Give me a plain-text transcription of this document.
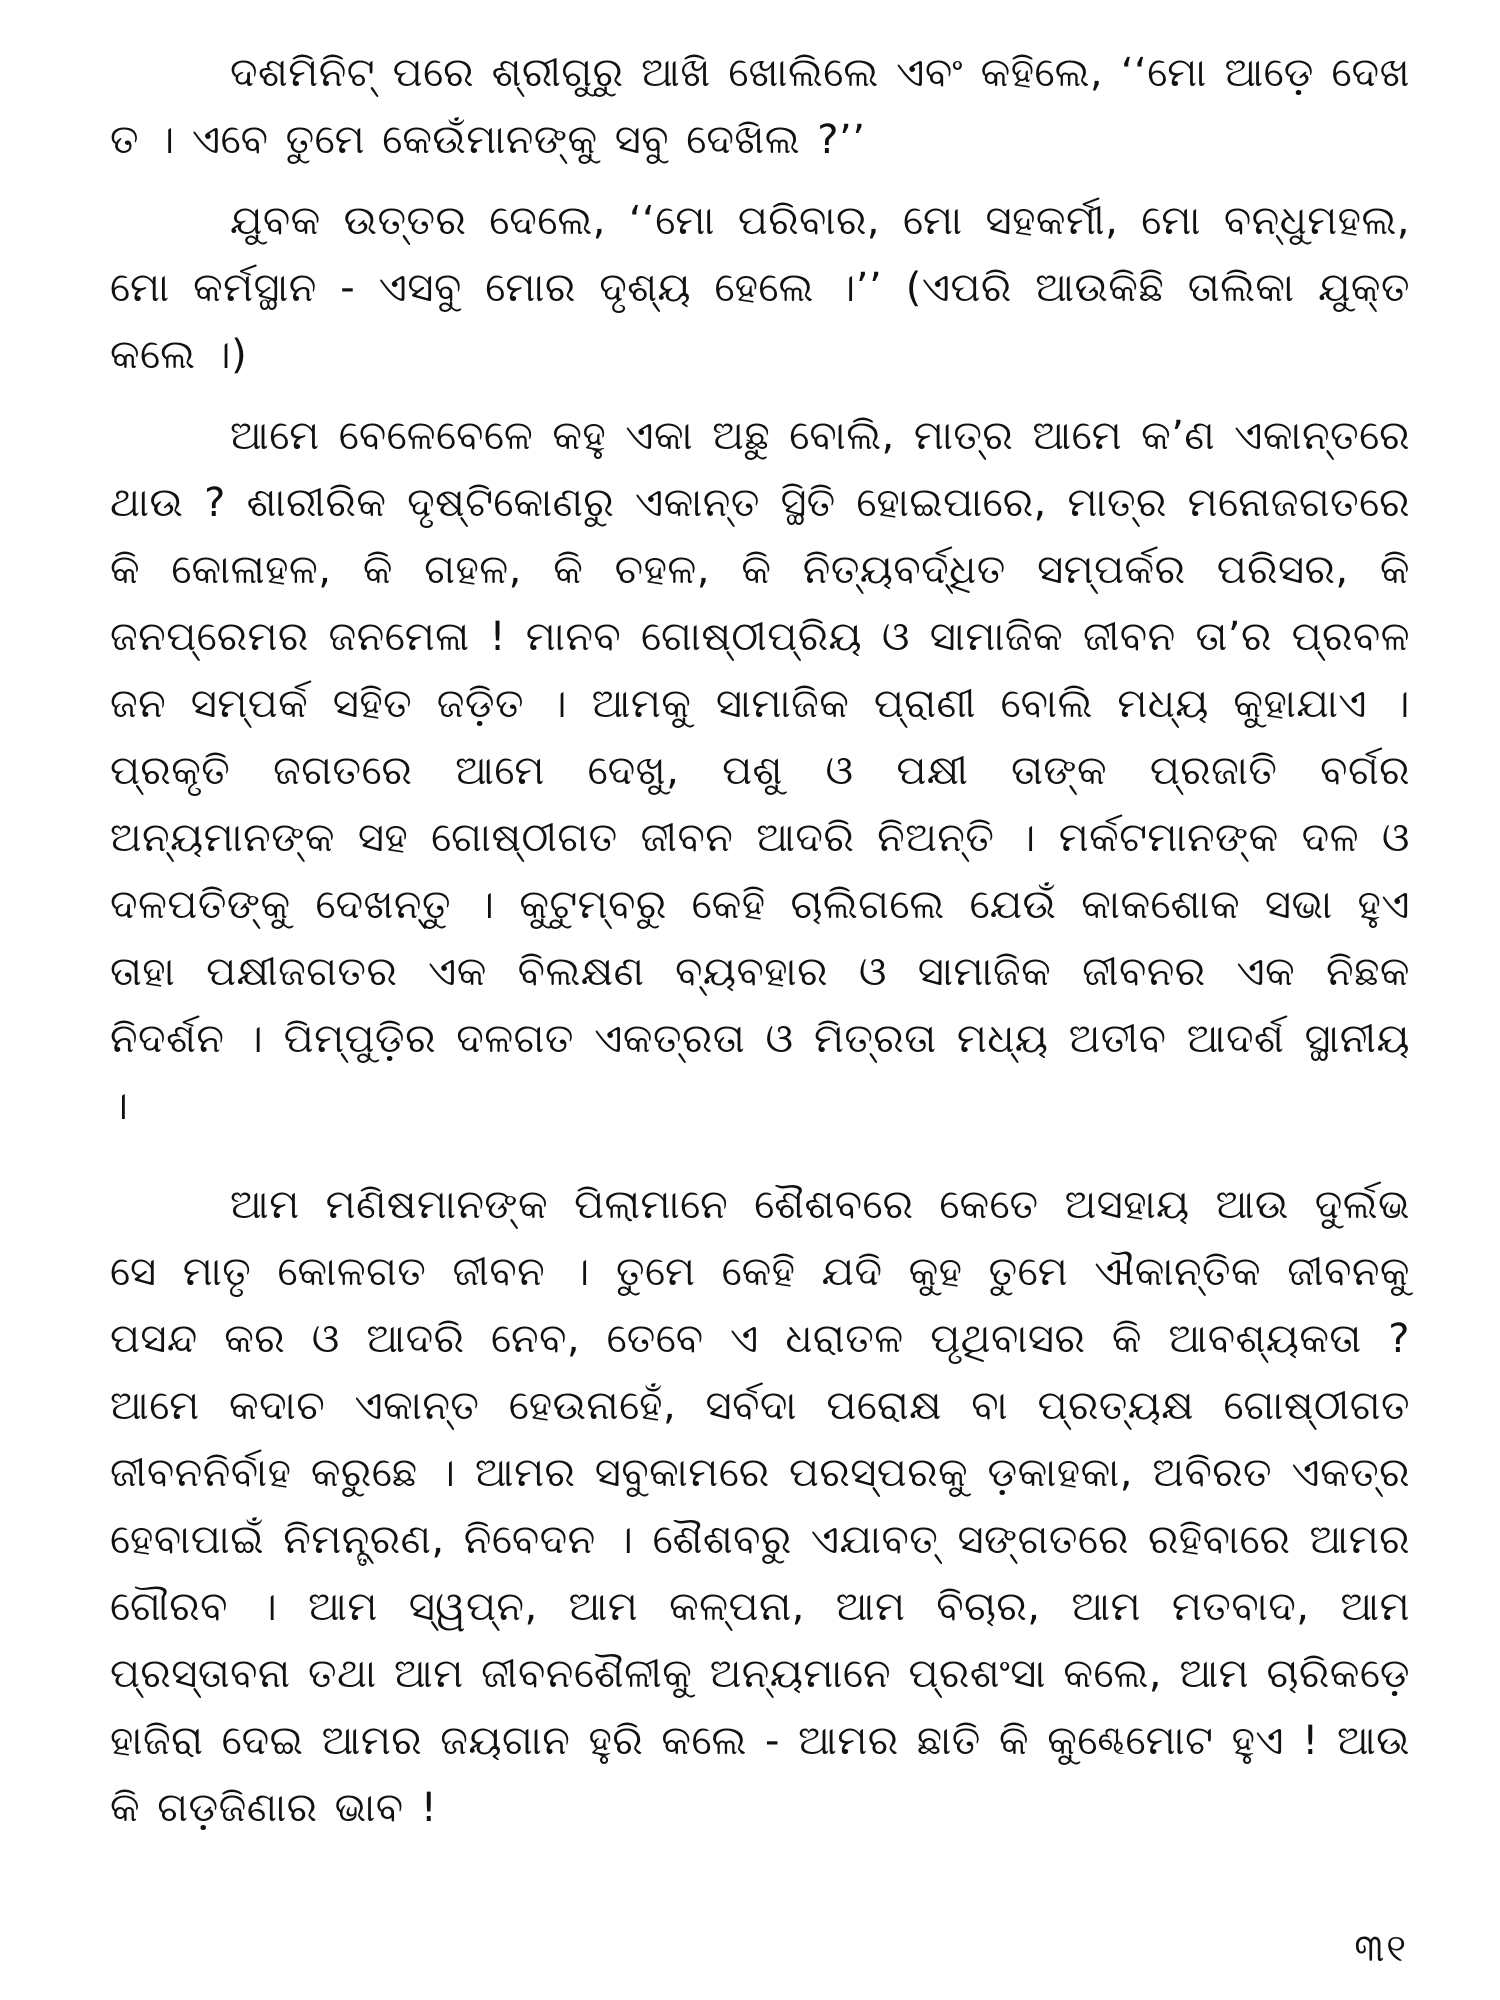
ଦଶମିନିଟ୍ ପରେ ଶ୍ରୀଗୁରୁ ଆଖି ଖୋଲିଲେ ଏବଂ କହିଲେ, ‘‘ମୋ ଆଡ଼େ ଦେଖ ତ । ଏବେ ତୁମେ କେଉଁମାନଙ୍କୁ ସବୁ ଦେଖିଲ ?’’

ଯୁବକ ଉତ୍ତର ଦେଲେ, ‘‘ମୋ ପରିବାର, ମୋ ସହକର୍ମୀ, ମୋ ବନ୍ଧୁମହଲ, ମୋ କର୍ମସ୍ଥାନ - ଏସବୁ ମୋର ଦୃଶ୍ୟ ହେଲେ ।’’ (ଏପରି ଆଉକିଛି ତାଲିକା ଯୁକ୍ତ କଲେ ।)

ଆମେ ବେଳେବେଳେ କହୁ ଏକା ଅଛୁ ବୋଲି, ମାତ୍ର ଆମେ କ’ଣ ଏକାନ୍ତରେ ଥାଉ ? ଶାରୀରିକ ଦୃଷ୍ଟିକୋଣରୁ ଏକାନ୍ତ ସ୍ଥିତି ହୋଇପାରେ, ମାତ୍ର ମନୋଜଗତରେ କି କୋଳାହଳ, କି ଗହଳ, କି ଚହଳ, କି ନିତ୍ୟବର୍ଦ୍ଧିତ ସମ୍ପର୍କର ପରିସର, କି ଜନପ୍ରେମର ଜନମେଳା ! ମାନବ ଗୋଷ୍ଠୀପ୍ରିୟ ଓ ସାମାଜିକ ଜୀବନ ତା’ର ପ୍ରବଳ ଜନ ସମ୍ପର୍କ ସହିତ ଜଡ଼ିତ । ଆମକୁ ସାମାଜିକ ପ୍ରାଣୀ ବୋଲି ମଧ୍ୟ କୁହାଯାଏ । ପ୍ରକୃତି ଜଗତରେ ଆମେ ଦେଖୁ, ପଶୁ ଓ ପକ୍ଷୀ ତାଙ୍କ ପ୍ରଜାତି ବର୍ଗର ଅନ୍ୟମାନଙ୍କ ସହ ଗୋଷ୍ଠୀଗତ ଜୀବନ ଆଦରି ନିଅନ୍ତି । ମର୍କଟମାନଙ୍କ ଦଳ ଓ ଦଳପତିଙ୍କୁ ଦେଖନ୍ତୁ । କୁଟୁମ୍ବରୁ କେହି ଚାଲିଗଲେ ଯେଉଁ କାକଶୋକ ସଭା ହୁଏ ତାହା ପକ୍ଷୀଜଗତର ଏକ ବିଲକ୍ଷଣ ବ୍ୟବହାର ଓ ସାମାଜିକ ଜୀବନର ଏକ ନିଛକ ନିଦର୍ଶନ । ପିମ୍ପୁଡ଼ିର ଦଳଗତ ଏକତ୍ରତା ଓ ମିତ୍ରତା ମଧ୍ୟ ଅତୀବ ଆଦର୍ଶ ସ୍ଥାନୀୟ ।

ଆମ ମଣିଷମାନଙ୍କ ପିଲାମାନେ ଶୈଶବରେ କେତେ ଅସହାୟ ଆଉ ଦୁର୍ଲଭ ସେ ମାତୃ କୋଳଗତ ଜୀବନ । ତୁମେ କେହି ଯଦି କୁହ ତୁମେ ଐକାନ୍ତିକ ଜୀବନକୁ ପସନ୍ଦ କର ଓ ଆଦରି ନେବ, ତେବେ ଏ ଧରାତଳ ପୃଥିବାସର କି ଆବଶ୍ୟକତା ? ଆମେ କଦାଚ ଏକାନ୍ତ ହେଉନାହେଁ, ସର୍ବଦା ପରୋକ୍ଷ ବା ପ୍ରତ୍ୟକ୍ଷ ଗୋଷ୍ଠୀଗତ ଜୀବନନିର୍ବାହ କରୁଛେ । ଆମର ସବୁକାମରେ ପରସ୍ପରକୁ ଡ଼କାହକା, ଅବିରତ ଏକତ୍ର ହେବାପାଇଁ ନିମନ୍ତ୍ରଣ, ନିବେଦନ । ଶୈଶବରୁ ଏଯାବତ୍ ସଙ୍ଗତରେ ରହିବାରେ ଆମର ଗୌରବ । ଆମ ସ୍ୱପ୍ନ, ଆମ କଳ୍ପନା, ଆମ ବିଚାର, ଆମ ମତବାଦ, ଆମ ପ୍ରସ୍ତାବନା ତଥା ଆମ ଜୀବନଶୈଳୀକୁ ଅନ୍ୟମାନେ ପ୍ରଶଂସା କଲେ, ଆମ ଚାରିକଡ଼େ ହାଜିରା ଦେଇ ଆମର ଜୟଗାନ ହୁରି କଲେ - ଆମର ଛାତି କି କୁଣ୍ଢେମୋଟ ହୁଏ ! ଆଉ କି ଗଡ଼ଜିଣାର ଭାବ !

୩୧
